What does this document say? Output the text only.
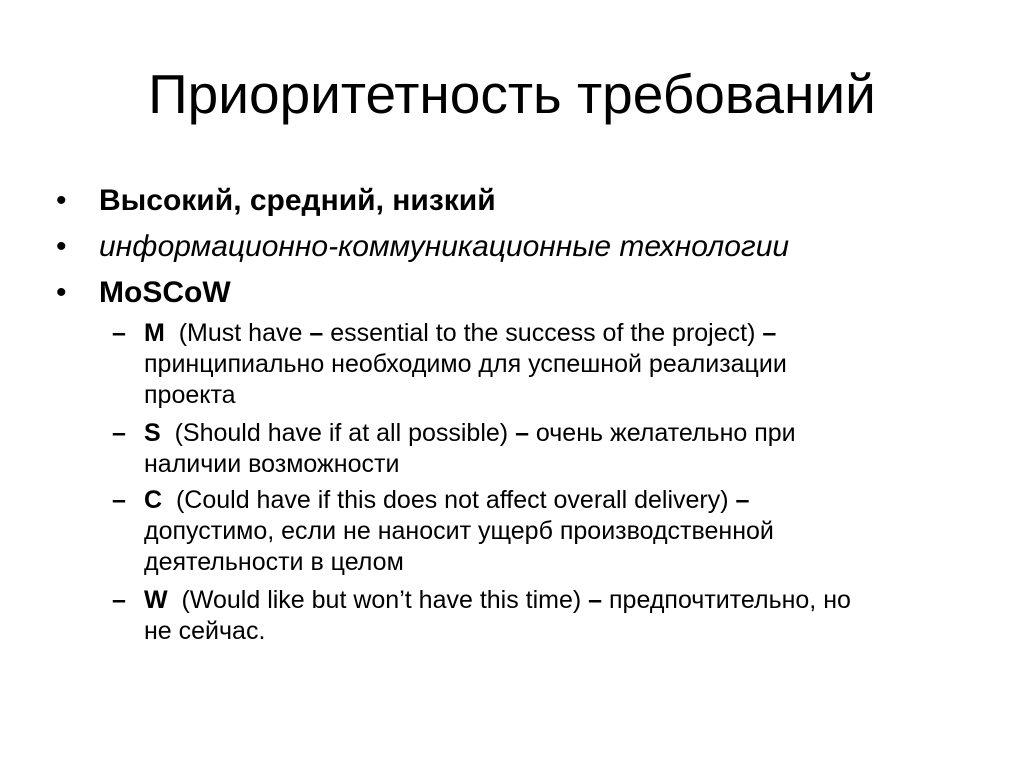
Приоритетность требований
•	Высокий, средний, низкий
•	информационно-коммуникационные технологии
•	MoSCoW
– M (Must have – essential to the success of the project) –
принципиально необходимо для успешной реализации
проекта
– S (Should have if at all possible) – очень желательно при
наличии возможности
– C (Could have if this does not affect overall delivery) –
допустимо, если не наносит ущерб производственной
деятельности в целом
– W (Would like but won’t have this time) – предпочтительно, но
не сейчас.
